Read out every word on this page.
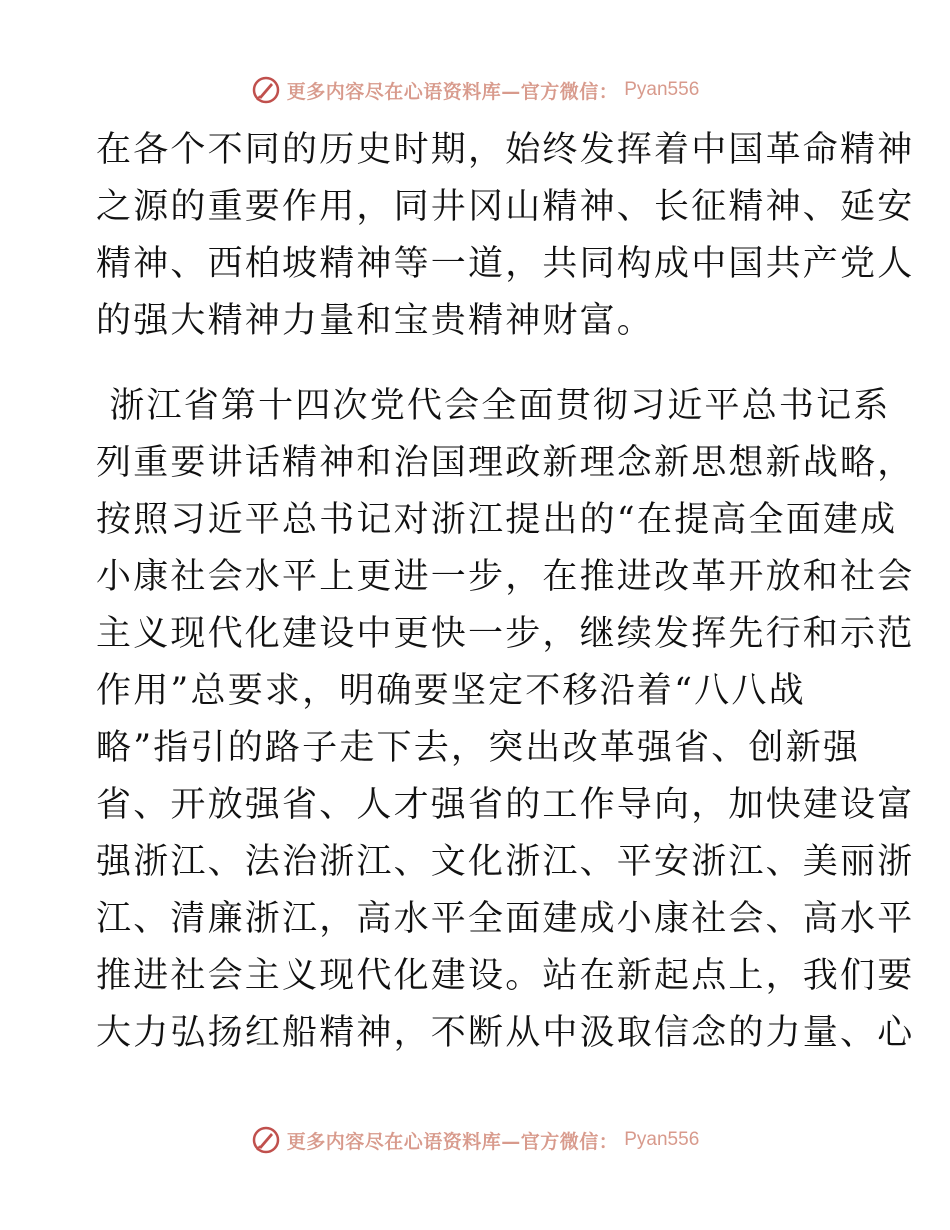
更多内容尽在心语资料库—官方微信： Pyan556
在各个不同的历史时期，始终发挥着中国革命精神
之源的重要作用，同井冈山精神、长征精神、延安
精神、西柏坡精神等一道，共同构成中国共产党人
的强大精神力量和宝贵精神财富。
浙江省第十四次党代会全面贯彻习近平总书记系
列重要讲话精神和治国理政新理念新思想新战略，
按照习近平总书记对浙江提出的“在提高全面建成
小康社会水平上更进一步，在推进改革开放和社会
主义现代化建设中更快一步，继续发挥先行和示范
作用”总要求，明确要坚定不移沿着“八八战
略”指引的路子走下去，突出改革强省、创新强
省、开放强省、人才强省的工作导向，加快建设富
强浙江、法治浙江、文化浙江、平安浙江、美丽浙
江、清廉浙江，高水平全面建成小康社会、高水平
推进社会主义现代化建设。站在新起点上，我们要
大力弘扬红船精神，不断从中汲取信念的力量、心
更多内容尽在心语资料库—官方微信： Pyan556
